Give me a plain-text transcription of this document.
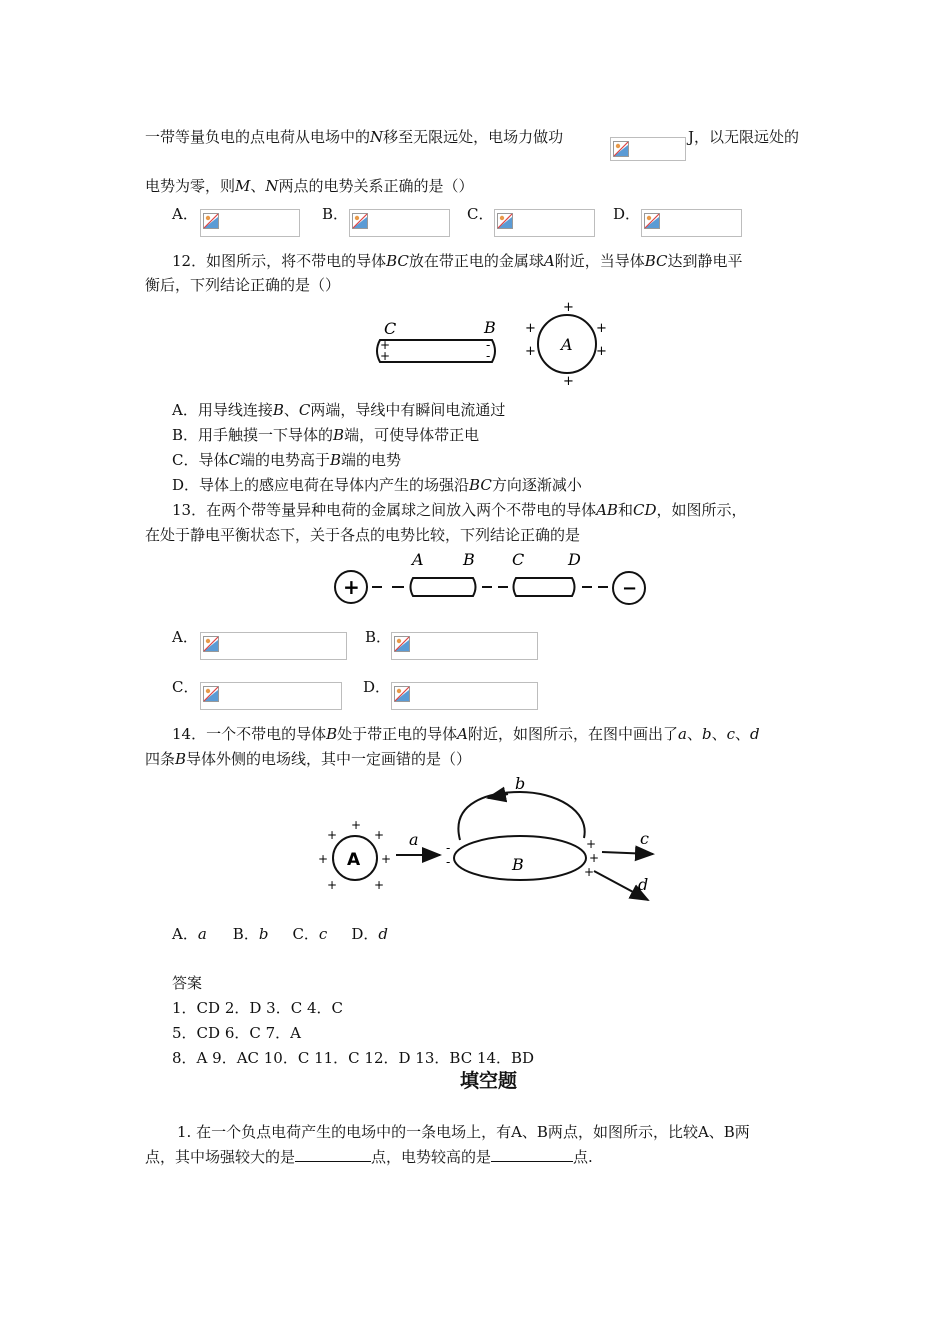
一带等量负电的点电荷从电场中的N移至无限远处，电场力做功	J，以无限远处的
电势为零，则M、N两点的电势关系正确的是（）
A．	B．	C．	D．
12．如图所示，将不带电的导体BC放在带正电的金属球A附近，当导体BC达到静电平
衡后，下列结论正确的是（）
C	B
+
+
-
-
A
+
+	+
+	+
+
A．用导线连接B、C两端，导线中有瞬间电流通过
B．用手触摸一下导体的B端，可使导体带正电
C．导体C端的电势高于B端的电势
D．导体上的感应电荷在导体内产生的场强沿BC方向逐渐减小
13．在两个带等量异种电荷的金属球之间放入两个不带电的导体AB和CD，如图所示，
在处于静电平衡状态下，关于各点的电势比较，下列结论正确的是
+
A B C	D
−
A．	B．
C．	D．
14．一个不带电的导体B处于带正电的导体A附近，如图所示，在图中画出了a、b、c、d
四条B导体外侧的电场线，其中一定画错的是（）
A
+
+	+
+	+
+	+
a
B
b
-
-
+
+
+
c
d
A．a B．b C．c D．d
答案
1．CD 2．D 3．C 4．C
5．CD 6．C 7．A
8．A 9．AC 10．C 11．C 12．D 13．BC 14．BD
填空题
1. 在一个负点电荷产生的电场中的一条电场上，有A、B两点，如图所示，比较A、B两
点，其中场强较大的是	点，电势较高的是	点.
